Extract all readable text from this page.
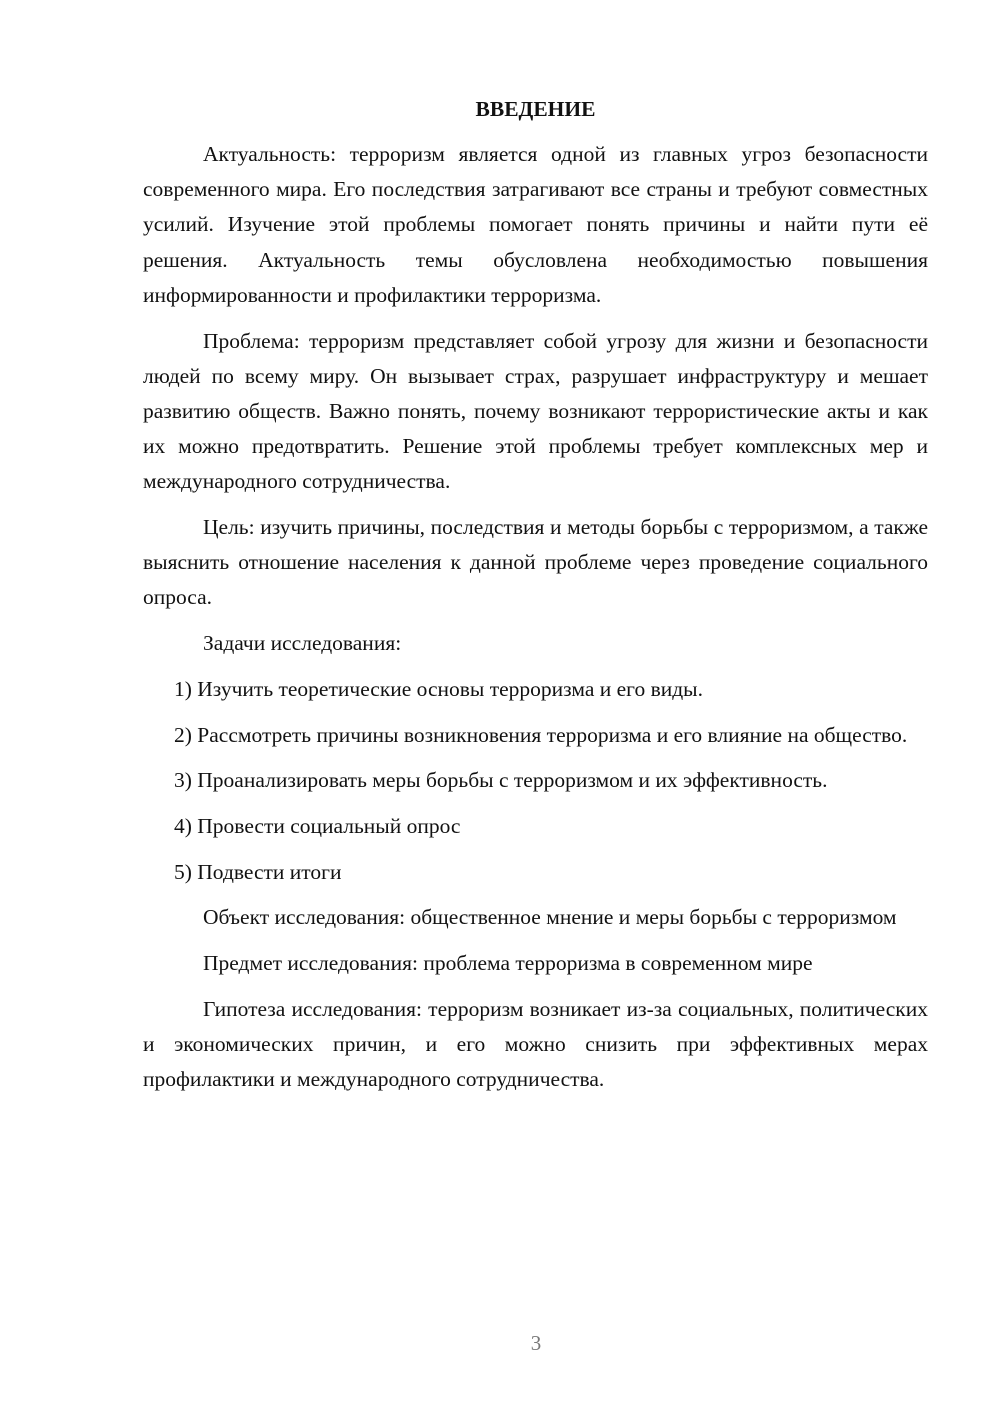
ВВЕДЕНИЕ

Актуальность: терроризм является одной из главных угроз безопасности современного мира. Его последствия затрагивают все страны и требуют совместных усилий. Изучение этой проблемы помогает понять причины и найти пути её решения. Актуальность темы обусловлена необходимостью повышения информированности и профилактики терроризма.

Проблема: терроризм представляет собой угрозу для жизни и безопасности людей по всему миру. Он вызывает страх, разрушает инфраструктуру и мешает развитию обществ. Важно понять, почему возникают террористические акты и как их можно предотвратить. Решение этой проблемы требует комплексных мер и международного сотрудничества.

Цель: изучить причины, последствия и методы борьбы с терроризмом, а также выяснить отношение населения к данной проблеме через проведение социального опроса.

Задачи исследования:

1) Изучить теоретические основы терроризма и его виды.

2) Рассмотреть причины возникновения терроризма и его влияние на общество.

3) Проанализировать меры борьбы с терроризмом и их эффективность.

4) Провести социальный опрос

5) Подвести итоги

Объект исследования: общественное мнение и меры борьбы с терроризмом

Предмет исследования: проблема терроризма в современном мире

Гипотеза исследования: терроризм возникает из-за социальных, политических и экономических причин, и его можно снизить при эффективных мерах профилактики и международного сотрудничества.

3
